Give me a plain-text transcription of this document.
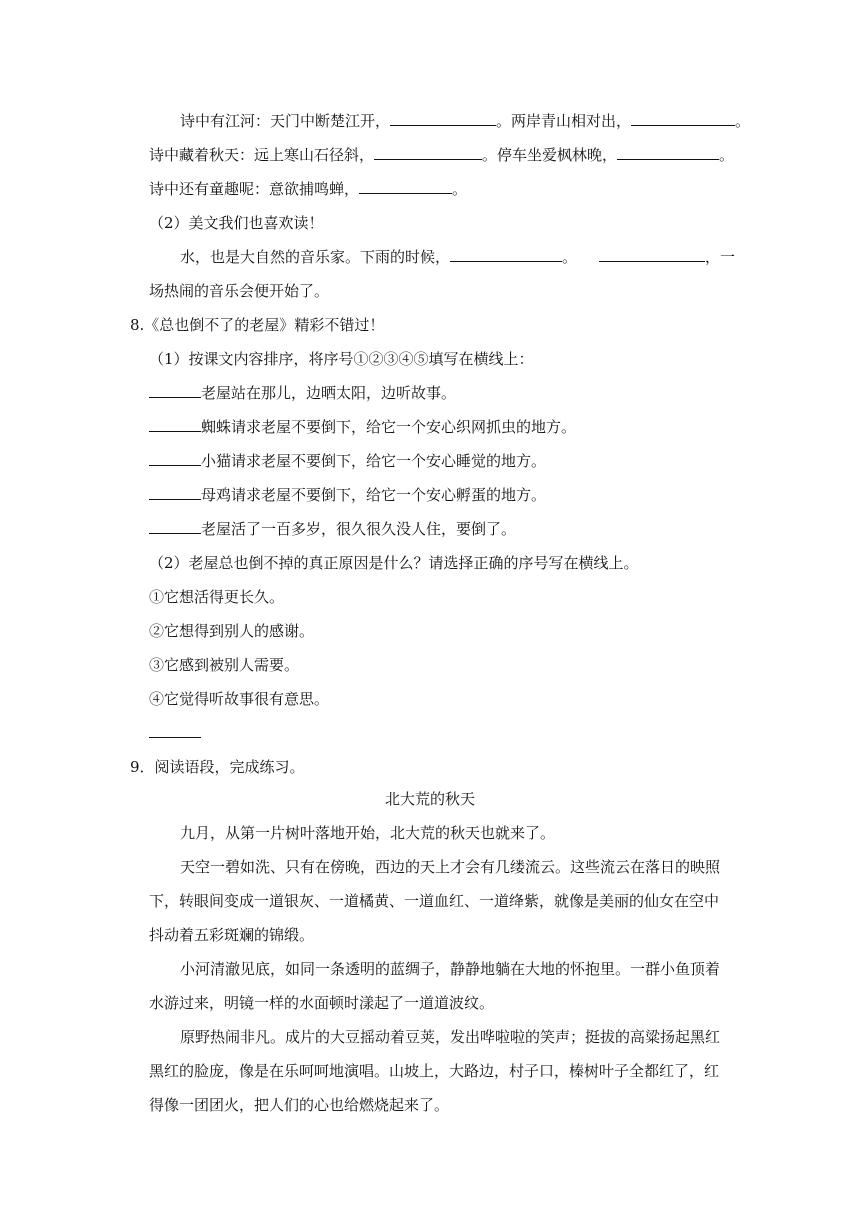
诗中有江河：天门中断楚江开，	。两岸青山相对出，	。
诗中藏着秋天：远上寒山石径斜，	。停车坐爱枫林晚，	。
诗中还有童趣呢：意欲捕鸣蝉，	。
（2）美文我们也喜欢读！
水，也是大自然的音乐家。下雨的时候，	。	，一
场热闹的音乐会便开始了。
8.《总也倒不了的老屋》精彩不错过！
（1）按课文内容排序，将序号①②③④⑤填写在横线上：
老屋站在那儿，边晒太阳，边听故事。
蜘蛛请求老屋不要倒下，给它一个安心织网抓虫的地方。
小猫请求老屋不要倒下，给它一个安心睡觉的地方。
母鸡请求老屋不要倒下，给它一个安心孵蛋的地方。
老屋活了一百多岁，很久很久没人住，要倒了。
（2）老屋总也倒不掉的真正原因是什么？请选择正确的序号写在横线上。
①它想活得更长久。
②它想得到别人的感谢。
③它感到被别人需要。
④它觉得听故事很有意思。
9．阅读语段，完成练习。
北大荒的秋天
九月，从第一片树叶落地开始，北大荒的秋天也就来了。
天空一碧如洗、只有在傍晚，西边的天上才会有几缕流云。这些流云在落日的映照
下，转眼间变成一道银灰、一道橘黄、一道血红、一道绛紫，就像是美丽的仙女在空中
抖动着五彩斑斓的锦缎。
小河清澈见底，如同一条透明的蓝绸子，静静地躺在大地的怀抱里。一群小鱼顶着
水游过来，明镜一样的水面顿时漾起了一道道波纹。
原野热闹非凡。成片的大豆摇动着豆荚，发出哗啦啦的笑声；挺拔的高粱扬起黑红
黑红的脸庞，像是在乐呵呵地演唱。山坡上，大路边，村子口，榛树叶子全都红了，红
得像一团团火，把人们的心也给燃烧起来了。
